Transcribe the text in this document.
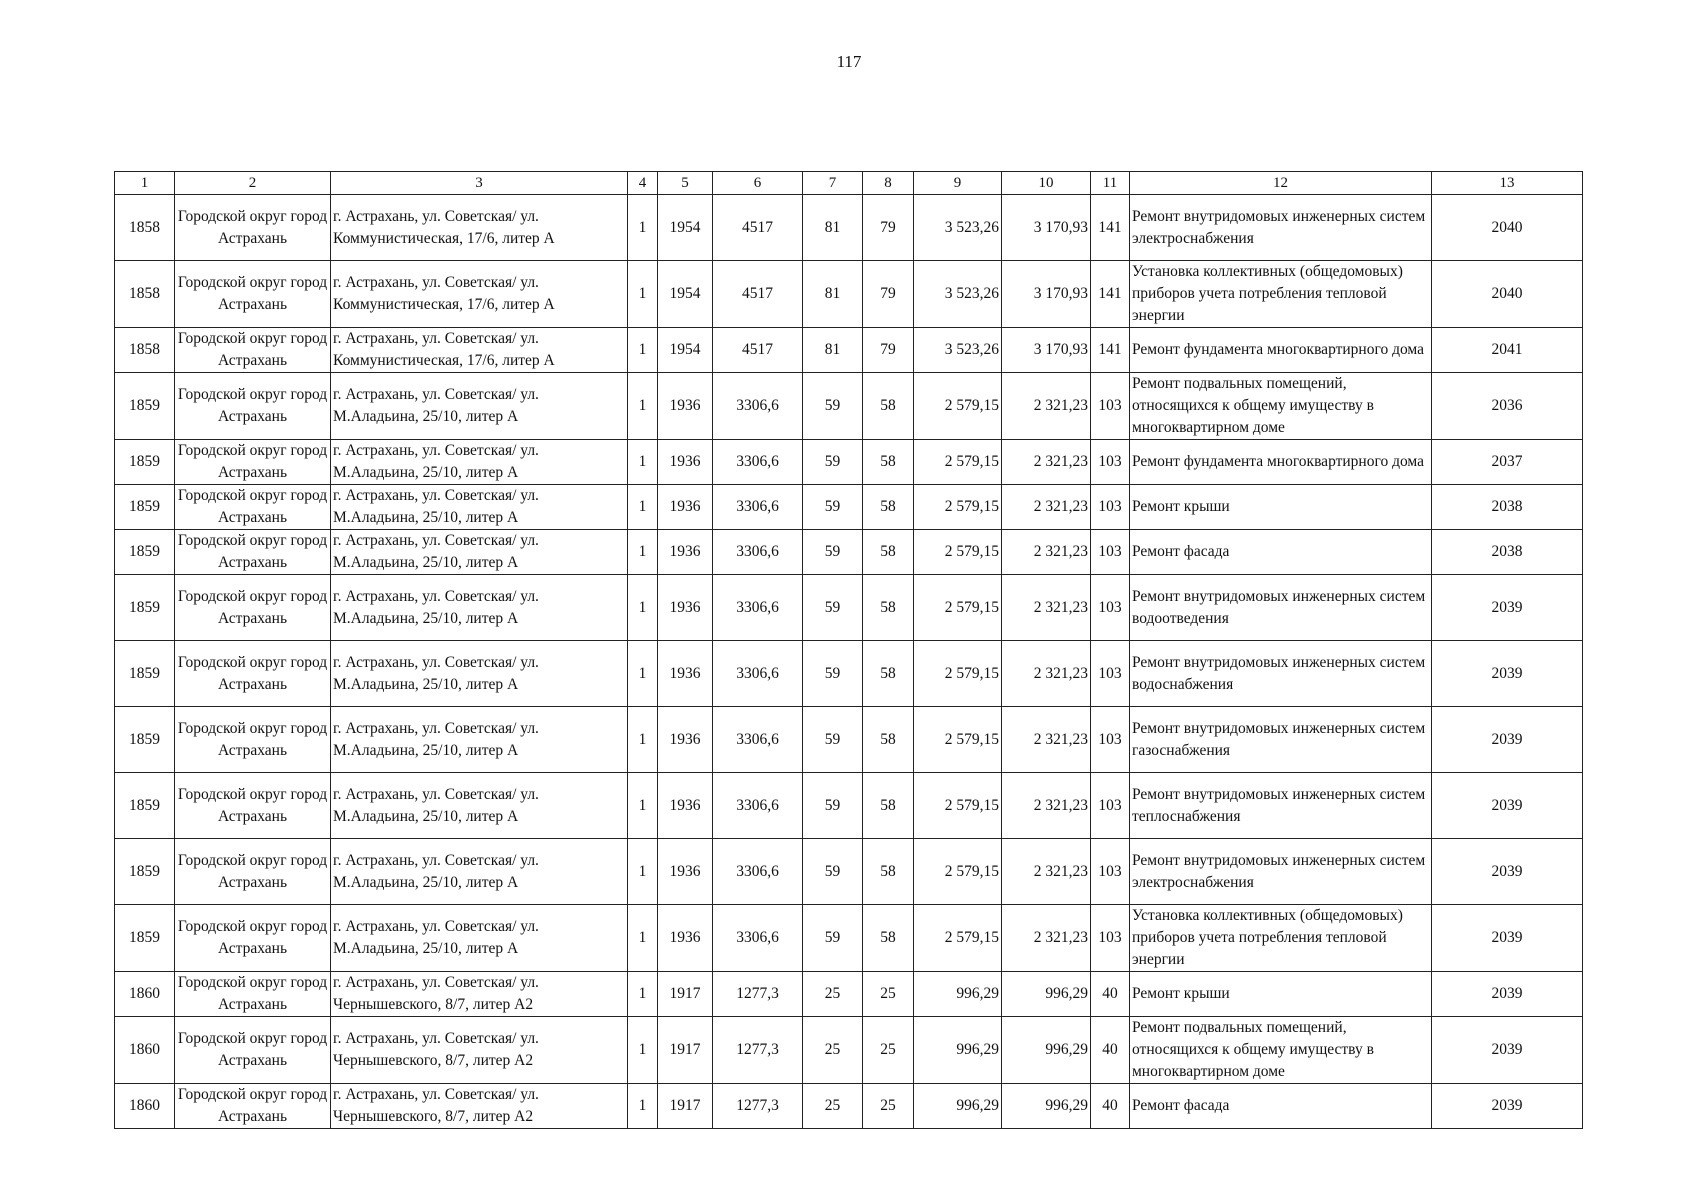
117
1	2	3	4	5	6	7	8	9	10	11	12	13
1858	Городской округ город Астрахань	г. Астрахань, ул. Советская/ ул. Коммунистическая, 17/6, литер А	1	1954	4517	81	79	3 523,26	3 170,93	141	Ремонт внутридомовых инженерных систем электроснабжения	2040
1858	Городской округ город Астрахань	г. Астрахань, ул. Советская/ ул. Коммунистическая, 17/6, литер А	1	1954	4517	81	79	3 523,26	3 170,93	141	Установка коллективных (общедомовых) приборов учета потребления тепловой энергии	2040
1858	Городской округ город Астрахань	г. Астрахань, ул. Советская/ ул. Коммунистическая, 17/6, литер А	1	1954	4517	81	79	3 523,26	3 170,93	141	Ремонт фундамента многоквартирного дома	2041
1859	Городской округ город Астрахань	г. Астрахань, ул. Советская/ ул. М.Аладьина, 25/10, литер А	1	1936	3306,6	59	58	2 579,15	2 321,23	103	Ремонт подвальных помещений, относящихся к общему имуществу в многоквартирном доме	2036
1859	Городской округ город Астрахань	г. Астрахань, ул. Советская/ ул. М.Аладьина, 25/10, литер А	1	1936	3306,6	59	58	2 579,15	2 321,23	103	Ремонт фундамента многоквартирного дома	2037
1859	Городской округ город Астрахань	г. Астрахань, ул. Советская/ ул. М.Аладьина, 25/10, литер А	1	1936	3306,6	59	58	2 579,15	2 321,23	103	Ремонт крыши	2038
1859	Городской округ город Астрахань	г. Астрахань, ул. Советская/ ул. М.Аладьина, 25/10, литер А	1	1936	3306,6	59	58	2 579,15	2 321,23	103	Ремонт фасада	2038
1859	Городской округ город Астрахань	г. Астрахань, ул. Советская/ ул. М.Аладьина, 25/10, литер А	1	1936	3306,6	59	58	2 579,15	2 321,23	103	Ремонт внутридомовых инженерных систем водоотведения	2039
1859	Городской округ город Астрахань	г. Астрахань, ул. Советская/ ул. М.Аладьина, 25/10, литер А	1	1936	3306,6	59	58	2 579,15	2 321,23	103	Ремонт внутридомовых инженерных систем водоснабжения	2039
1859	Городской округ город Астрахань	г. Астрахань, ул. Советская/ ул. М.Аладьина, 25/10, литер А	1	1936	3306,6	59	58	2 579,15	2 321,23	103	Ремонт внутридомовых инженерных систем газоснабжения	2039
1859	Городской округ город Астрахань	г. Астрахань, ул. Советская/ ул. М.Аладьина, 25/10, литер А	1	1936	3306,6	59	58	2 579,15	2 321,23	103	Ремонт внутридомовых инженерных систем теплоснабжения	2039
1859	Городской округ город Астрахань	г. Астрахань, ул. Советская/ ул. М.Аладьина, 25/10, литер А	1	1936	3306,6	59	58	2 579,15	2 321,23	103	Ремонт внутридомовых инженерных систем электроснабжения	2039
1859	Городской округ город Астрахань	г. Астрахань, ул. Советская/ ул. М.Аладьина, 25/10, литер А	1	1936	3306,6	59	58	2 579,15	2 321,23	103	Установка коллективных (общедомовых) приборов учета потребления тепловой энергии	2039
1860	Городской округ город Астрахань	г. Астрахань, ул. Советская/ ул. Чернышевского, 8/7, литер А2	1	1917	1277,3	25	25	996,29	996,29	40	Ремонт крыши	2039
1860	Городской округ город Астрахань	г. Астрахань, ул. Советская/ ул. Чернышевского, 8/7, литер А2	1	1917	1277,3	25	25	996,29	996,29	40	Ремонт подвальных помещений, относящихся к общему имуществу в многоквартирном доме	2039
1860	Городской округ город Астрахань	г. Астрахань, ул. Советская/ ул. Чернышевского, 8/7, литер А2	1	1917	1277,3	25	25	996,29	996,29	40	Ремонт фасада	2039
